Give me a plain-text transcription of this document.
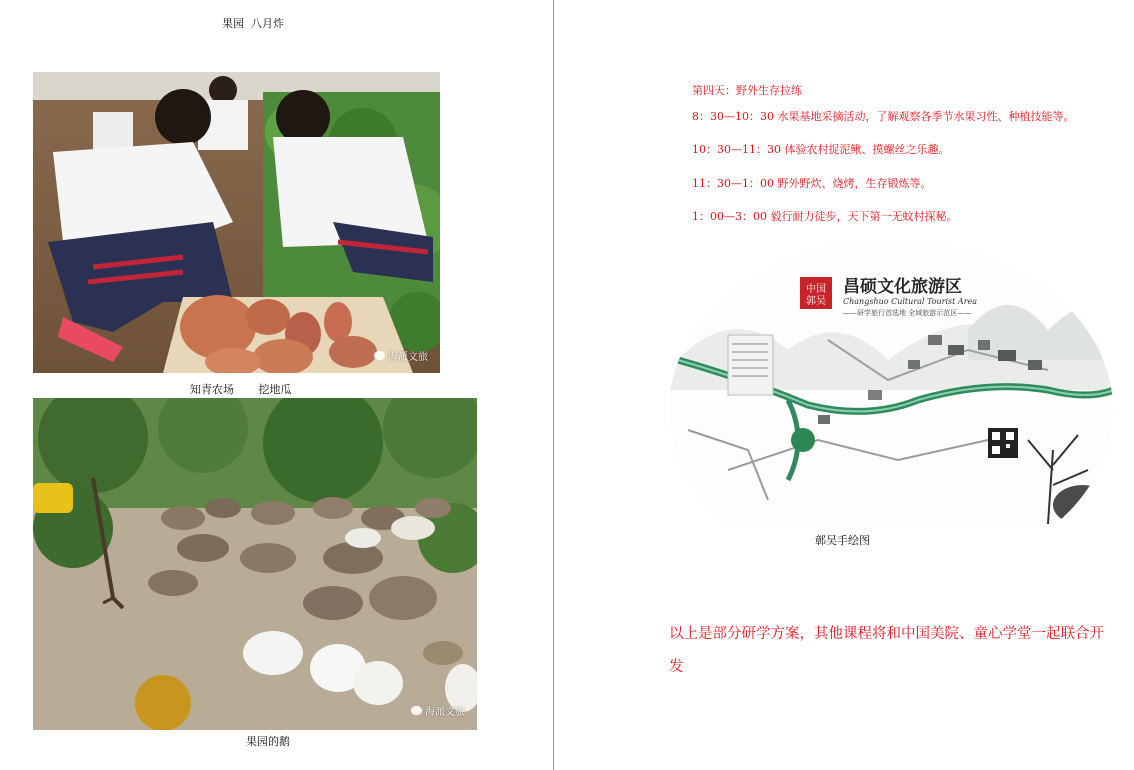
果园  八月炸
海派文旅
知青农场       挖地瓜
海派文旅
果园的鹅
第四天：野外生存拉练
8：30—10：30 水果基地采摘活动，了解观察各季节水果习性、种植技能等。
10：30—11：30 体验农村捉泥鳅、摸螺丝之乐趣。
11：30—1：00 野外野炊、烧烤，生存锻炼等。
1：00—3：00 毅行耐力徒步，天下第一无蚊村探秘。
中国 昌硕文化旅游区
Changshuo Cultural Tourist Area
——研学旅行首选地 全域旅游示范区——
郭吴
鄣吴手绘图
以上是部分研学方案，其他课程将和中国美院、童心学堂一起联合开发
